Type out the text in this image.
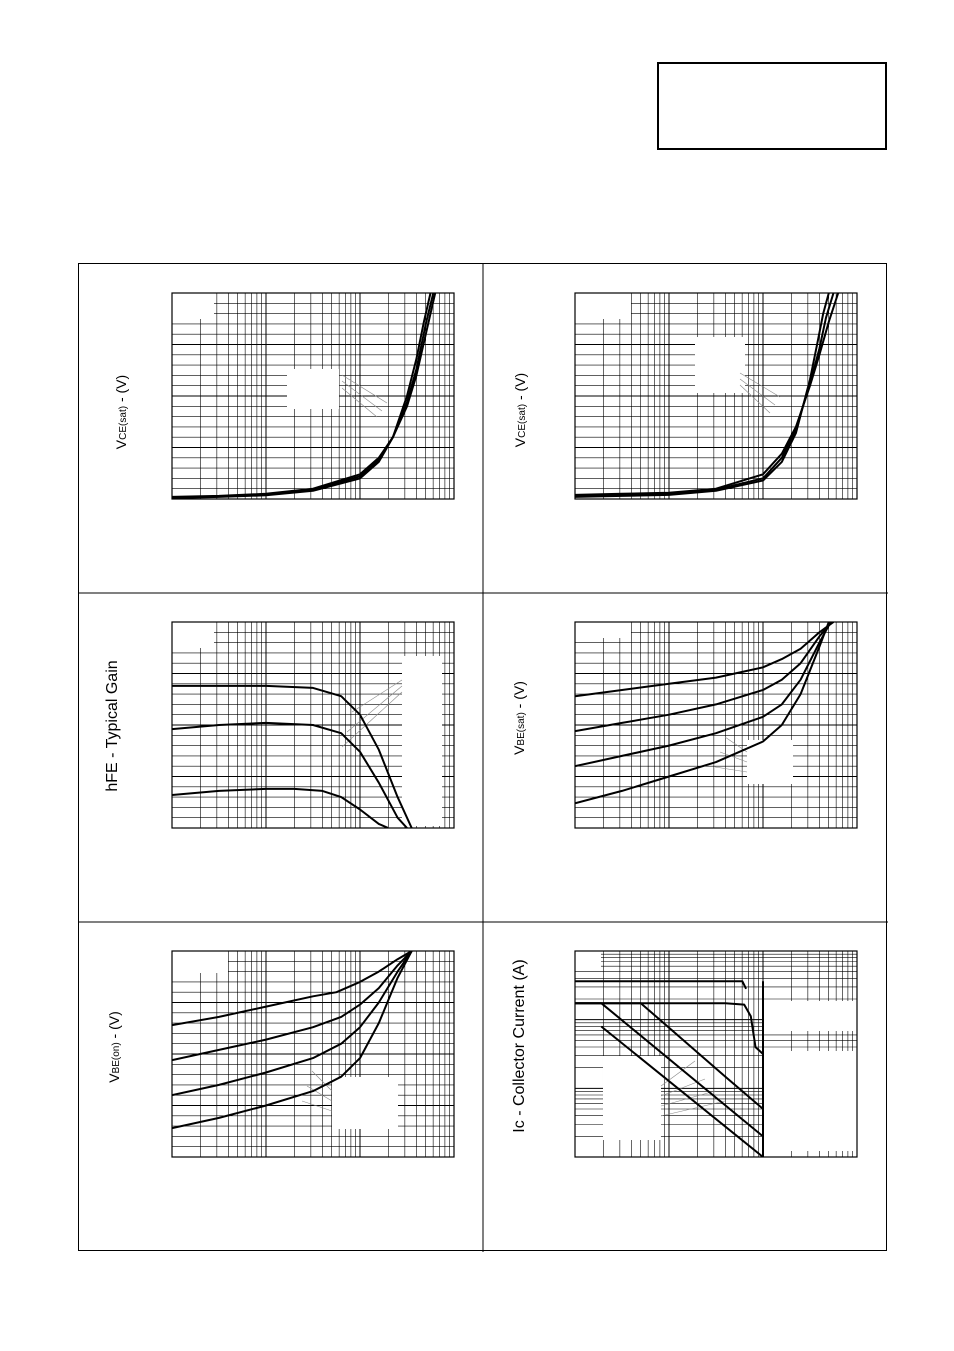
VCE(sat) - (V)
VCE(sat) - (V)
hFE - Typical Gain	VBE(sat) - (V)
VBE(on) - (V)	Ic - Collector Current (A)
